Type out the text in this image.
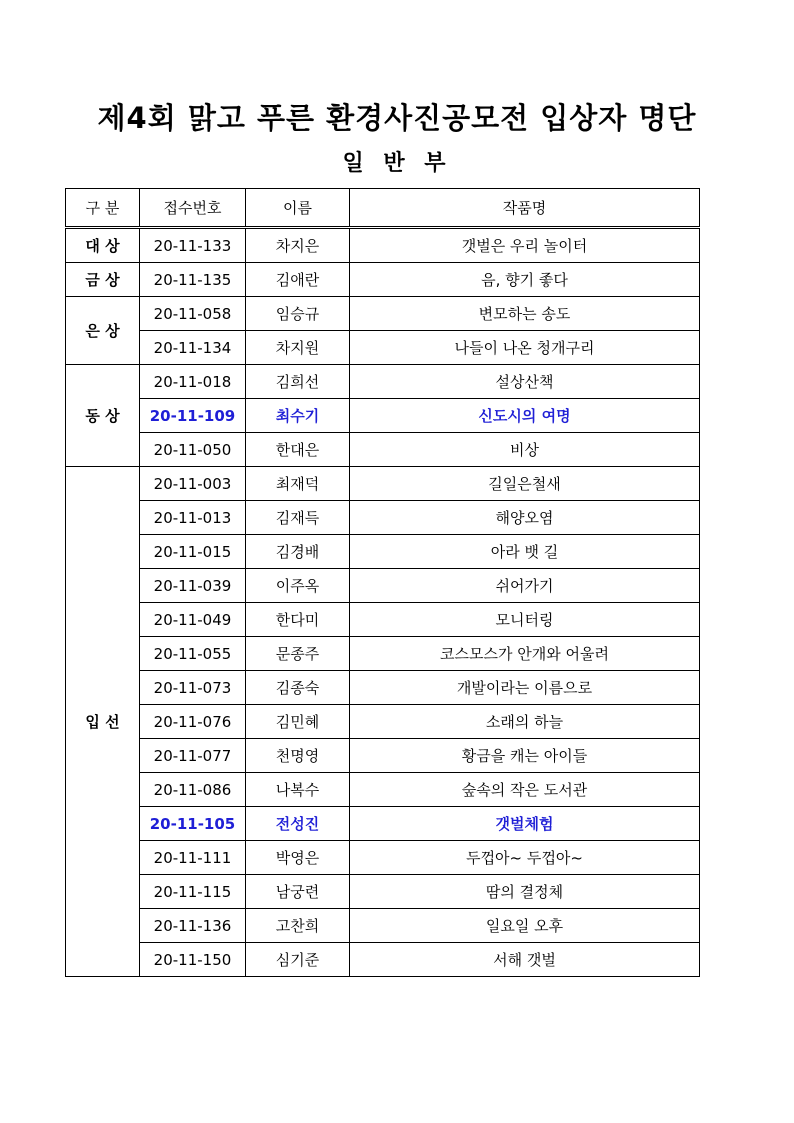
제4회 맑고 푸른 환경사진공모전 입상자 명단
일 반 부
구 분	접수번호	이름	작품명
대 상	20-11-133	차지은	갯벌은 우리 놀이터
금 상	20-11-135	김애란	음, 향기 좋다
은 상	20-11-058	임승규	변모하는 송도
	20-11-134	차지원	나들이 나온 청개구리
동 상	20-11-018	김희선	설상산책
	20-11-109	최수기	신도시의 여명
	20-11-050	한대은	비상
입 선	20-11-003	최재덕	길일은철새
	20-11-013	김재득	해양오염
	20-11-015	김경배	아라 뱃 길
	20-11-039	이주옥	쉬어가기
	20-11-049	한다미	모니터링
	20-11-055	문종주	코스모스가 안개와 어울려
	20-11-073	김종숙	개발이라는 이름으로
	20-11-076	김민혜	소래의 하늘
	20-11-077	천명영	황금을 캐는 아이들
	20-11-086	나복수	숲속의 작은 도서관
	20-11-105	전성진	갯벌체험
	20-11-111	박영은	두껍아~ 두껍아~
	20-11-115	남궁련	땀의 결정체
	20-11-136	고찬희	일요일 오후
	20-11-150	심기준	서해 갯벌
